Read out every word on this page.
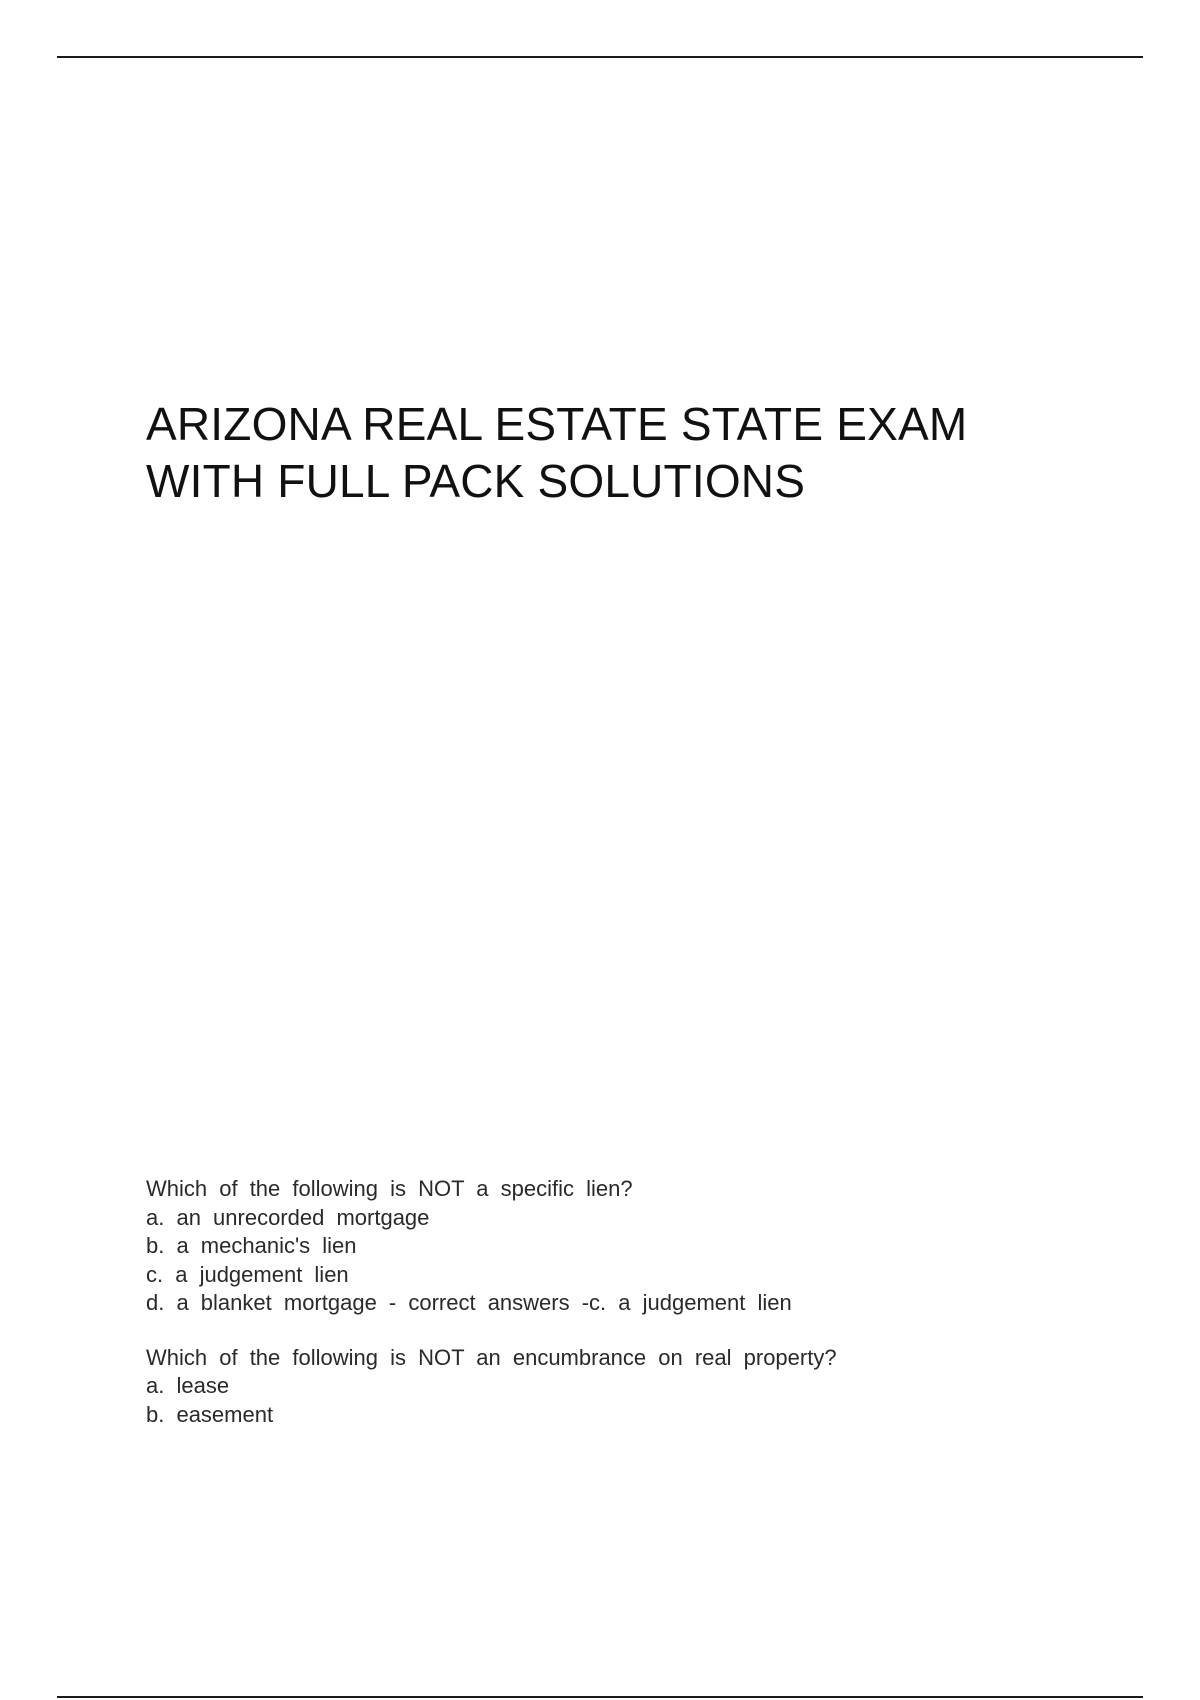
ARIZONA REAL ESTATE STATE EXAM
WITH FULL PACK SOLUTIONS
Which of the following is NOT a specific lien?
a. an unrecorded mortgage
b. a mechanic's lien
c. a judgement lien
d. a blanket mortgage - correct answers -c. a judgement lien
Which of the following is NOT an encumbrance on real property?
a. lease
b. easement
